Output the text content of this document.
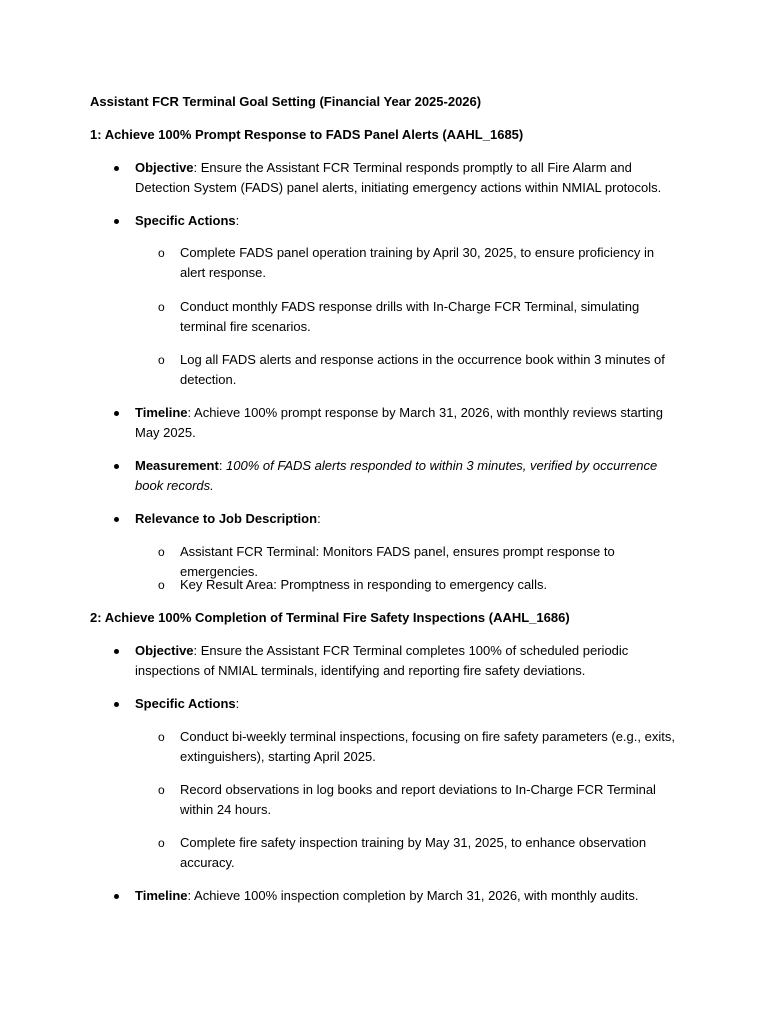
Assistant FCR Terminal Goal Setting (Financial Year 2025-2026)

1: Achieve 100% Prompt Response to FADS Panel Alerts (AAHL_1685)

Objective: Ensure the Assistant FCR Terminal responds promptly to all Fire Alarm and Detection System (FADS) panel alerts, initiating emergency actions within NMIAL protocols.

Specific Actions:

o Complete FADS panel operation training by April 30, 2025, to ensure proficiency in alert response.

o Conduct monthly FADS response drills with In-Charge FCR Terminal, simulating terminal fire scenarios.

o Log all FADS alerts and response actions in the occurrence book within 3 minutes of detection.

Timeline: Achieve 100% prompt response by March 31, 2026, with monthly reviews starting May 2025.

Measurement: 100% of FADS alerts responded to within 3 minutes, verified by occurrence book records.

Relevance to Job Description:

o Assistant FCR Terminal: Monitors FADS panel, ensures prompt response to emergencies.

o Key Result Area: Promptness in responding to emergency calls.

2: Achieve 100% Completion of Terminal Fire Safety Inspections (AAHL_1686)

Objective: Ensure the Assistant FCR Terminal completes 100% of scheduled periodic inspections of NMIAL terminals, identifying and reporting fire safety deviations.

Specific Actions:

o Conduct bi-weekly terminal inspections, focusing on fire safety parameters (e.g., exits, extinguishers), starting April 2025.

o Record observations in log books and report deviations to In-Charge FCR Terminal within 24 hours.

o Complete fire safety inspection training by May 31, 2025, to enhance observation accuracy.

Timeline: Achieve 100% inspection completion by March 31, 2026, with monthly audits.
